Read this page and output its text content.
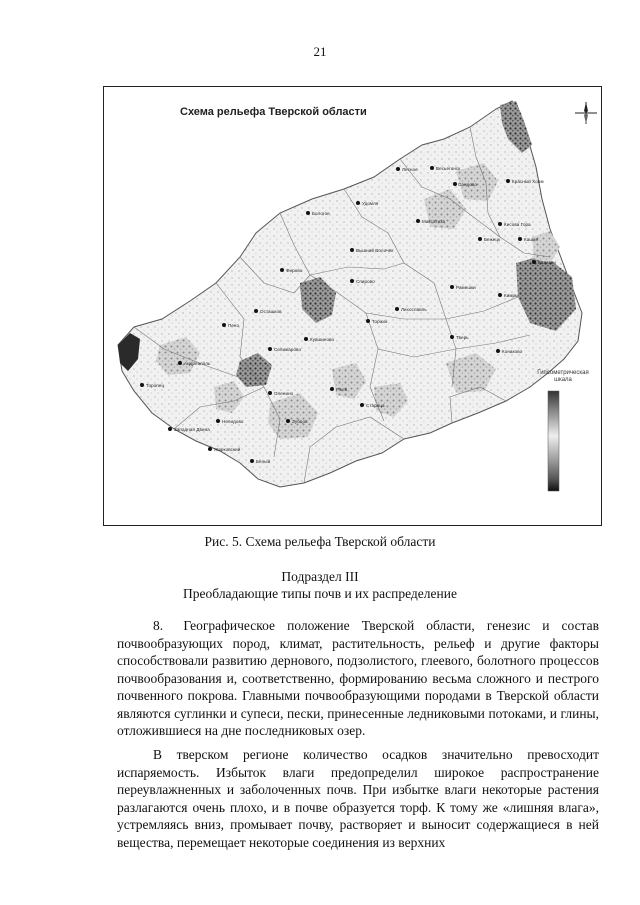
21
Схема рельефа Тверской области
Гипсометрическая шкала
Весьегонск
Сандово
Лесное
Максатиха
Красный Холм
Удомля
Бологое
Кесова Гора
Бежецк	Кашин
Лихославль
Спирово
Калязин
Фирово
Вышний Волочёк
Рамешки
Кимры
Осташков
Торжок
Кувшиново	Тверь
Конаково
Пено
Селижарово
Андреаполь
Старица
Торопец
Ржев
Зубцов
Западная Двина
Нелидово
Оленино
Жарковский
Белый
Рис. 5. Схема рельефа Тверской области
Подраздел III
Преобладающие типы почв и их распределение

8.  Географическое положение Тверской области, генезис и состав почвообразующих пород, климат, растительность, рельеф и другие факторы способствовали развитию дернового, подзолистого, глеевого, болотного процессов почвообразования и, соответственно, формированию весьма сложного и пестрого почвенного покрова. Главными почвообразующими породами в Тверской области являются суглинки и супеси, пески, принесенные ледниковыми потоками, и глины, отложившиеся на дне последниковых озер.

В тверском регионе количество осадков значительно превосходит испаряемость. Избыток влаги предопределил широкое распространение переувлажненных и заболоченных почв. При избытке влаги некоторые растения разлагаются очень плохо, и в почве образуется торф. К тому же «лишняя влага», устремляясь вниз, промывает почву, растворяет и выносит содержащиеся в ней вещества, перемещает некоторые соединения из верхних
